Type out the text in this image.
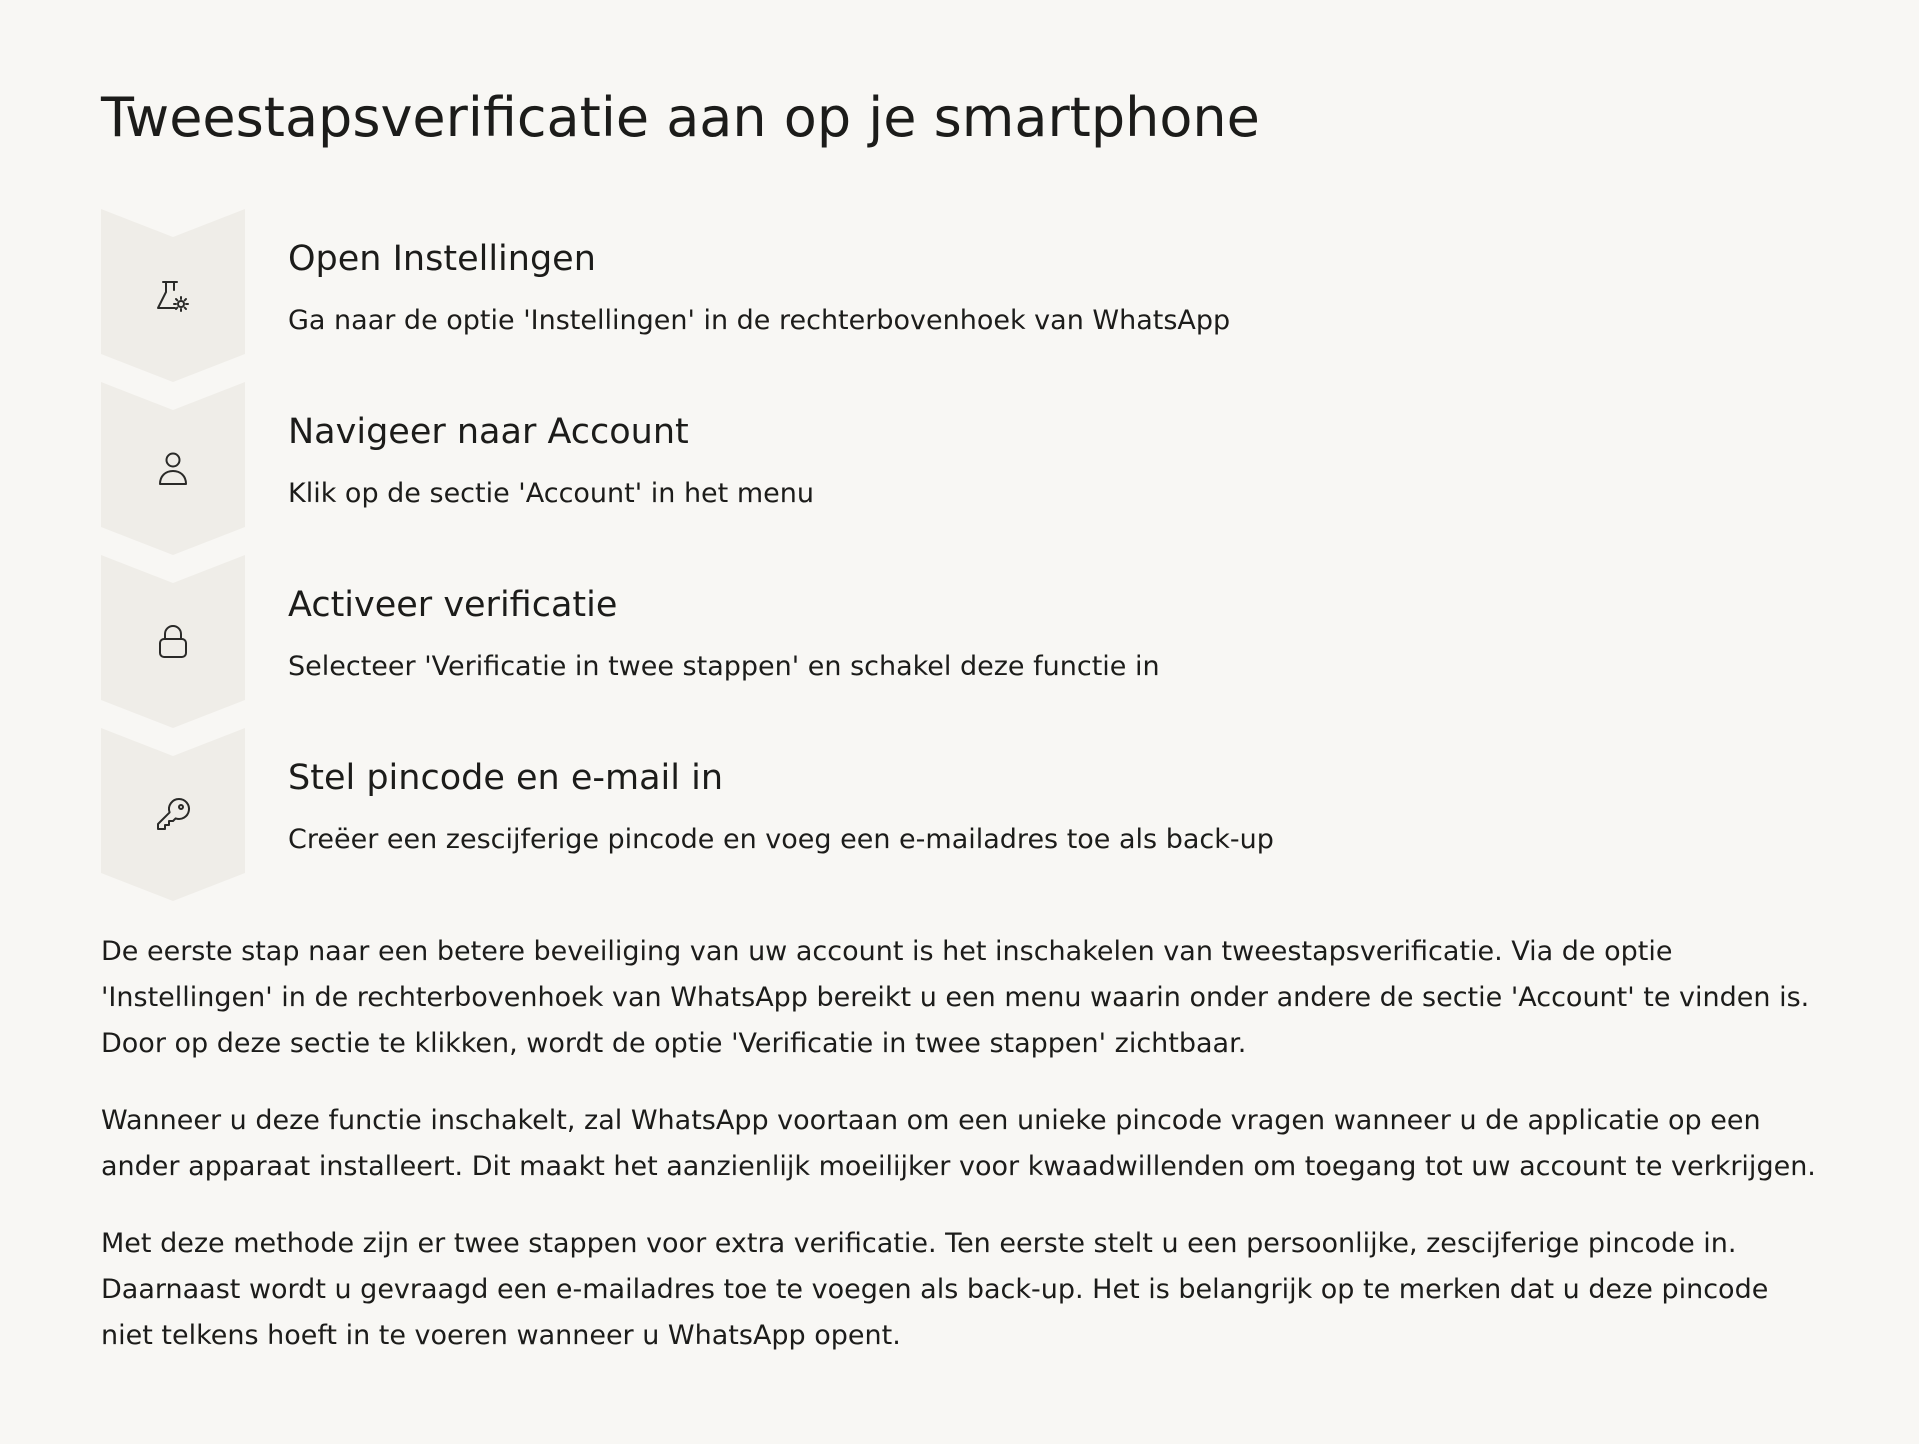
Tweestapsverificatie aan op je smartphone
Open Instellingen
Ga naar de optie 'Instellingen' in de rechterbovenhoek van WhatsApp
Navigeer naar Account
Klik op de sectie 'Account' in het menu
Activeer verificatie
Selecteer 'Verificatie in twee stappen' en schakel deze functie in
Stel pincode en e-mail in
Creëer een zescijferige pincode en voeg een e-mailadres toe als back-up

De eerste stap naar een betere beveiliging van uw account is het inschakelen van tweestapsverificatie. Via de optie 'Instellingen' in de rechterbovenhoek van WhatsApp bereikt u een menu waarin onder andere de sectie 'Account' te vinden is. Door op deze sectie te klikken, wordt de optie 'Verificatie in twee stappen' zichtbaar.

Wanneer u deze functie inschakelt, zal WhatsApp voortaan om een unieke pincode vragen wanneer u de applicatie op een ander apparaat installeert. Dit maakt het aanzienlijk moeilijker voor kwaadwillenden om toegang tot uw account te verkrijgen.

Met deze methode zijn er twee stappen voor extra verificatie. Ten eerste stelt u een persoonlijke, zescijferige pincode in. Daarnaast wordt u gevraagd een e-mailadres toe te voegen als back-up. Het is belangrijk op te merken dat u deze pincode niet telkens hoeft in te voeren wanneer u WhatsApp opent.
